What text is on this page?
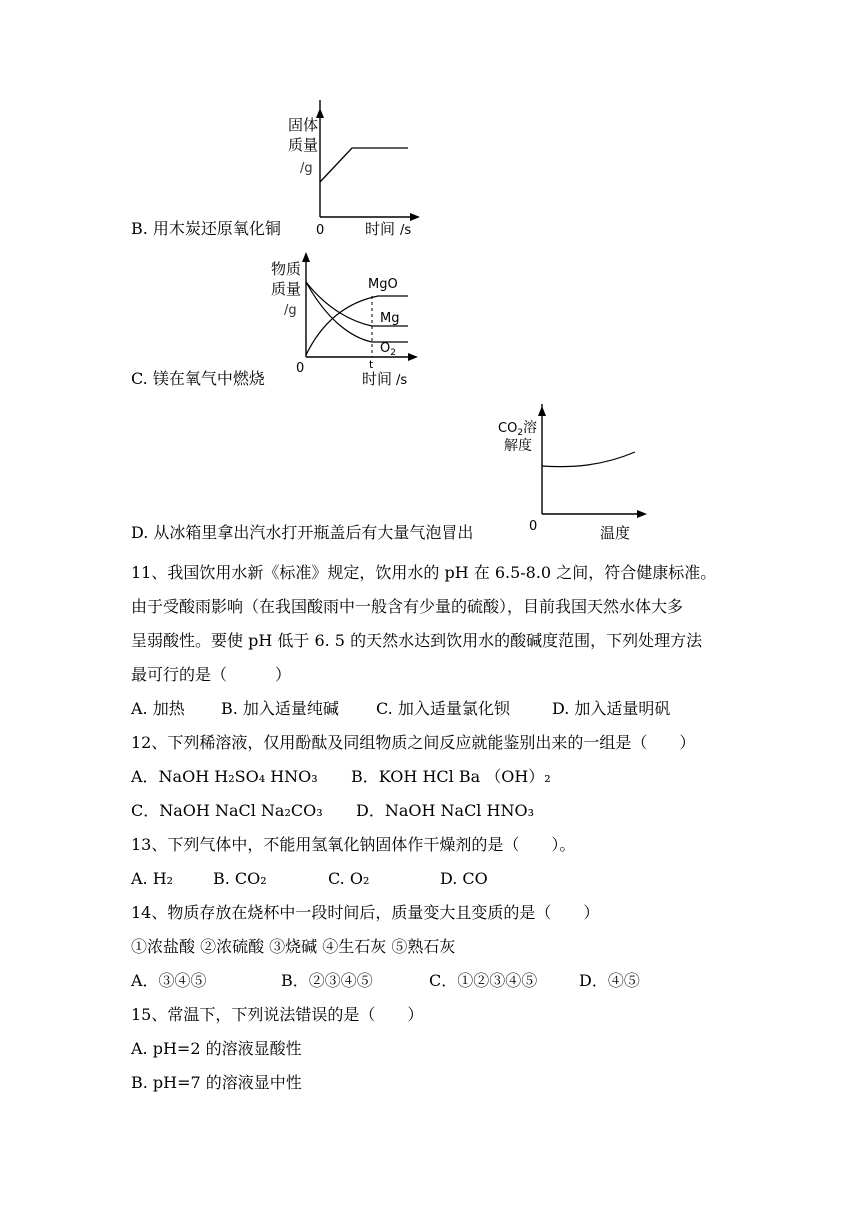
固体
质量
/g
0	时间 /s
B. 用木炭还原氧化铜
物质
质量
/g
MgO
Mg
$O_2$
t
0
时间 /s
C. 镁在氧气中燃烧
$CO_2$溶
解度
0	温度
D. 从冰箱里拿出汽水打开瓶盖后有大量气泡冒出
11、我国饮用水新《标准》规定，饮用水的 pH 在 6.5-8.0 之间，符合健康标准。
由于受酸雨影响（在我国酸雨中一般含有少量的硫酸），目前我国天然水体大多
呈弱酸性。要使 pH 低于 6. 5 的天然水达到饮用水的酸碱度范围，下列处理方法
最可行的是（　　　）
A. 加热 B. 加入适量纯碱 C. 加入适量氯化钡	D. 加入适量明矾
12、下列稀溶液，仅用酚酞及同组物质之间反应就能鉴别出来的一组是（　　）
A．NaOH H₂SO₄ HNO₃ B．KOH HCl Ba （OH）₂
C．NaOH NaCl Na₂CO₃ D．NaOH NaCl HNO₃
13、下列气体中，不能用氢氧化钠固体作干燥剂的是（　　）。
A. H₂ B. CO₂	C. O₂	D. CO
14、物质存放在烧杯中一段时间后，质量变大且变质的是（　　）
①浓盐酸 ②浓硫酸 ③烧碱 ④生石灰 ⑤熟石灰
A．③④⑤	B．②③④⑤	C．①②③④⑤	D．④⑤
15、常温下，下列说法错误的是（　　）
A. pH=2 的溶液显酸性
B. pH=7 的溶液显中性
